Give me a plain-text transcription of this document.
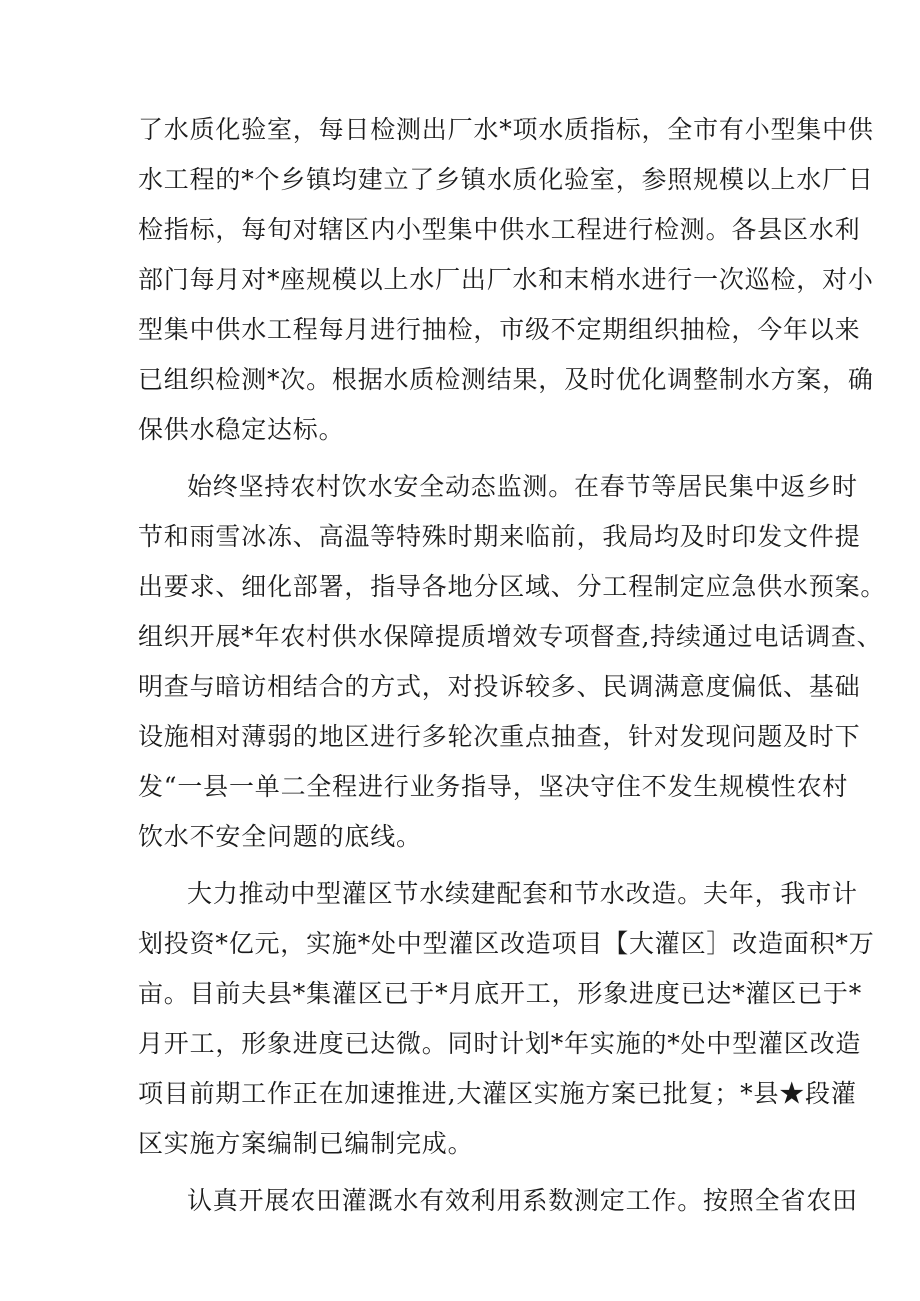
了水质化验室，每日检测出厂水*项水质指标，全市有小型集中供
水工程的*个乡镇均建立了乡镇水质化验室，参照规模以上水厂日
检指标，每旬对辖区内小型集中供水工程进行检测。各县区水利
部门每月对*座规模以上水厂出厂水和末梢水进行一次巡检，对小
型集中供水工程每月进行抽检，市级不定期组织抽检，今年以来
已组织检测*次。根据水质检测结果，及时优化调整制水方案，确
保供水稳定达标。
始终坚持农村饮水安全动态监测。在春节等居民集中返乡时
节和雨雪冰冻、高温等特殊时期来临前，我局均及时印发文件提
出要求、细化部署，指导各地分区域、分工程制定应急供水预案。
组织开展*年农村供水保障提质增效专项督查,持续通过电话调查、
明查与暗访相结合的方式，对投诉较多、民调满意度偏低、基础
设施相对薄弱的地区进行多轮次重点抽查，针对发现问题及时下
发“一县一单二全程进行业务指导，坚决守住不发生规模性农村
饮水不安全问题的底线。
大力推动中型灌区节水续建配套和节水改造。夫年，我市计
划投资*亿元，实施*处中型灌区改造项目【大灌区］改造面积*万
亩。目前夫县*集灌区已于*月底开工，形象进度已达*灌区已于*
月开工，形象进度已达微。同时计划*年实施的*处中型灌区改造
项目前期工作正在加速推进,大灌区实施方案已批复；*县★段灌
区实施方案编制已编制完成。
认真开展农田灌溉水有效利用系数测定工作。按照全省农田
